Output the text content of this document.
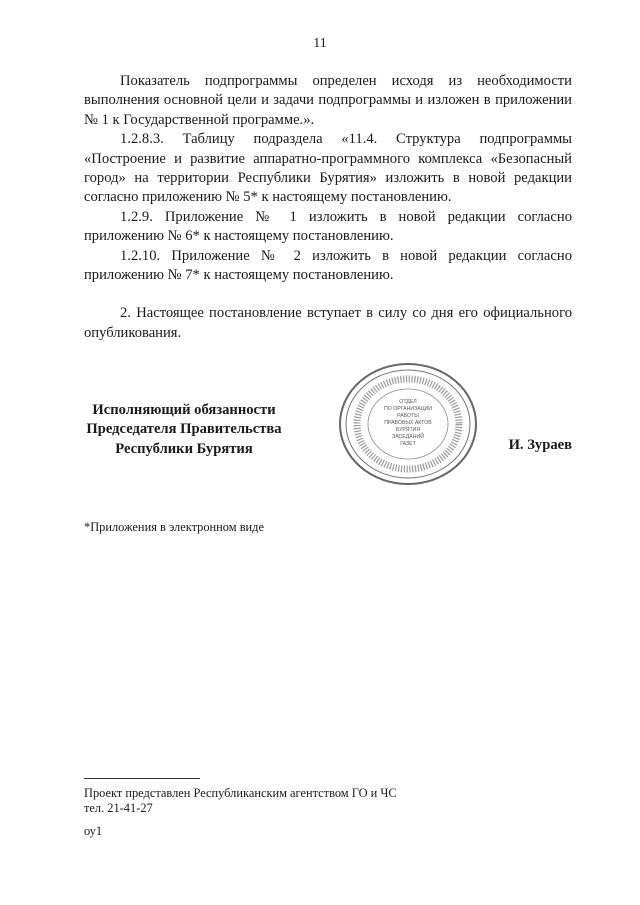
11

Показатель подпрограммы определен исходя из необходимости выполнения основной цели и задачи подпрограммы и изложен в приложении № 1 к Государственной программе.».

1.2.8.3. Таблицу подраздела «11.4. Структура подпрограммы «Построение и развитие аппаратно-программного комплекса «Безопасный город» на территории Республики Бурятия» изложить в новой редакции согласно приложению № 5* к настоящему постановлению.

1.2.9. Приложение № 1 изложить в новой редакции согласно приложению № 6* к настоящему постановлению.

1.2.10. Приложение № 2 изложить в новой редакции согласно приложению № 7* к настоящему постановлению.

2. Настоящее постановление вступает в силу со дня его официального опубликования.

Исполняющий обязанности
Председателя Правительства
Республики Бурятия
ОТДЕЛ
ПО ОРГАНИЗАЦИИ
РАБОТЫ
ПРАВОВЫХ АКТОВ
БУРЯТИЯ
ЗАСЕДАНИЙ
ГАЗЕТ	И. Зураев
*Приложения в электронном виде
Проект представлен Республиканским агентством ГО и ЧС
тел. 21-41-27
оу1
